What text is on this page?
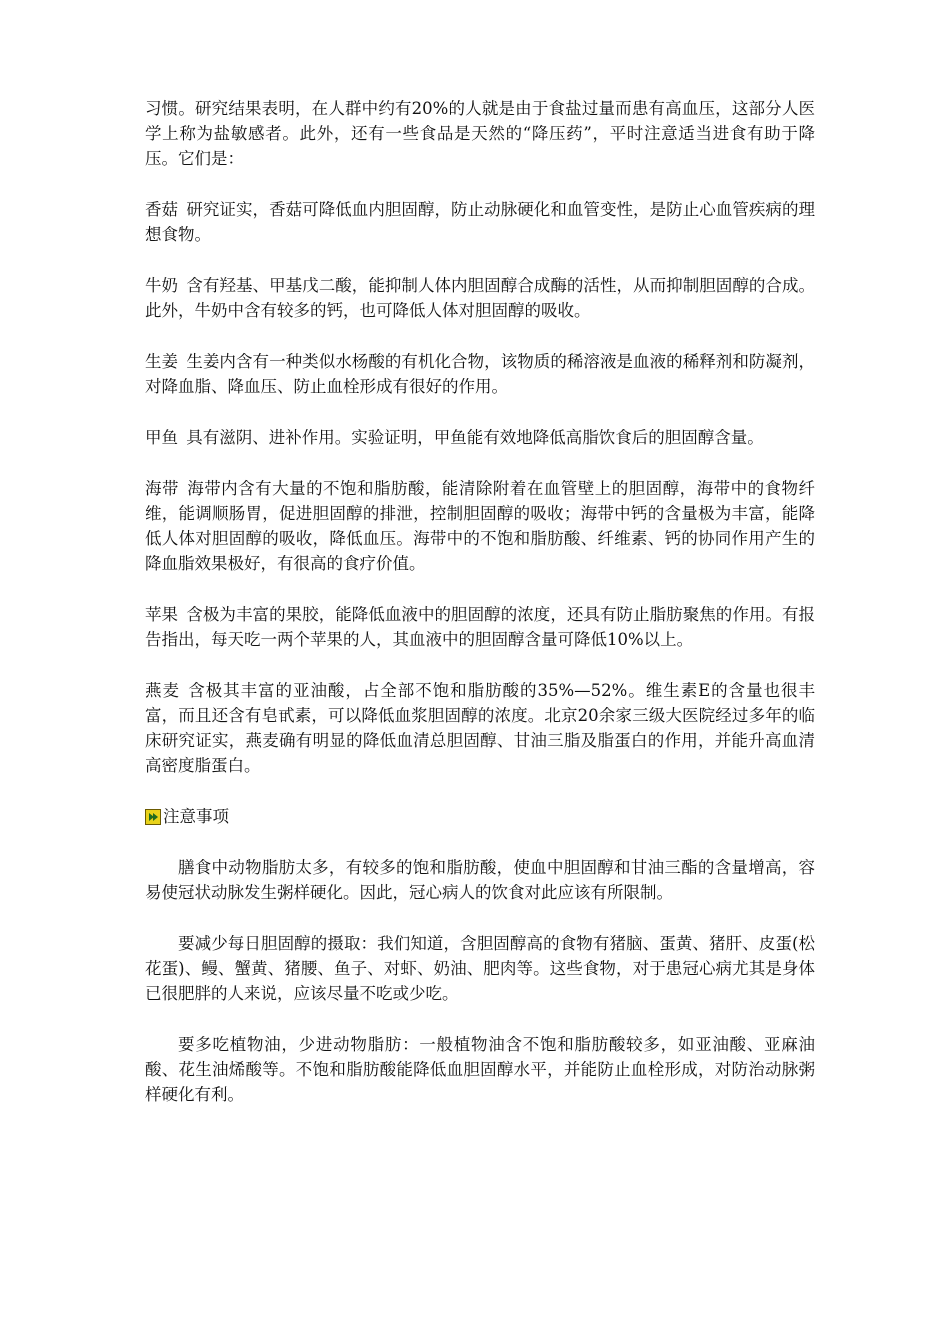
习惯。研究结果表明，在人群中约有20%的人就是由于食盐过量而患有高血压，这部分人医学上称为盐敏感者。此外，还有一些食品是天然的“降压药”，平时注意适当进食有助于降压。它们是：

香菇 研究证实，香菇可降低血内胆固醇，防止动脉硬化和血管变性，是防止心血管疾病的理想食物。

牛奶 含有羟基、甲基戊二酸，能抑制人体内胆固醇合成酶的活性，从而抑制胆固醇的合成。此外，牛奶中含有较多的钙，也可降低人体对胆固醇的吸收。

生姜 生姜内含有一种类似水杨酸的有机化合物，该物质的稀溶液是血液的稀释剂和防凝剂，对降血脂、降血压、防止血栓形成有很好的作用。

甲鱼 具有滋阴、进补作用。实验证明，甲鱼能有效地降低高脂饮食后的胆固醇含量。

海带 海带内含有大量的不饱和脂肪酸，能清除附着在血管壁上的胆固醇，海带中的食物纤维，能调顺肠胃，促进胆固醇的排泄，控制胆固醇的吸收；海带中钙的含量极为丰富，能降低人体对胆固醇的吸收，降低血压。海带中的不饱和脂肪酸、纤维素、钙的协同作用产生的降血脂效果极好，有很高的食疗价值。

苹果 含极为丰富的果胶，能降低血液中的胆固醇的浓度，还具有防止脂肪聚焦的作用。有报告指出，每天吃一两个苹果的人，其血液中的胆固醇含量可降低10%以上。

燕麦 含极其丰富的亚油酸，占全部不饱和脂肪酸的35%—52%。维生素E的含量也很丰富，而且还含有皂甙素，可以降低血浆胆固醇的浓度。北京20余家三级大医院经过多年的临床研究证实，燕麦确有明显的降低血清总胆固醇、甘油三脂及脂蛋白的作用，并能升高血清高密度脂蛋白。

注意事项

膳食中动物脂肪太多，有较多的饱和脂肪酸，使血中胆固醇和甘油三酯的含量增高，容易使冠状动脉发生粥样硬化。因此，冠心病人的饮食对此应该有所限制。

要减少每日胆固醇的摄取：我们知道，含胆固醇高的食物有猪脑、蛋黄、猪肝、皮蛋(松花蛋)、鳗、蟹黄、猪腰、鱼子、对虾、奶油、肥肉等。这些食物，对于患冠心病尤其是身体已很肥胖的人来说，应该尽量不吃或少吃。

要多吃植物油，少进动物脂肪：一般植物油含不饱和脂肪酸较多，如亚油酸、亚麻油酸、花生油烯酸等。不饱和脂肪酸能降低血胆固醇水平，并能防止血栓形成，对防治动脉粥样硬化有利。
